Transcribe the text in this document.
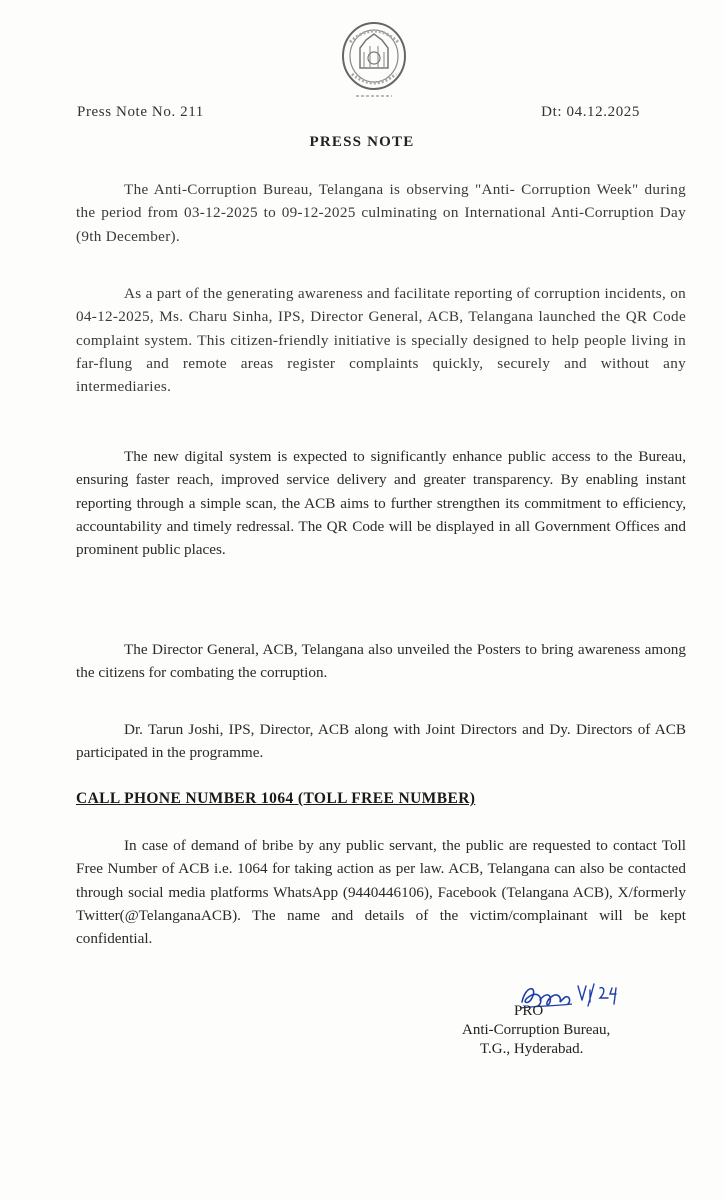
Press Note No. 211	Dt: 04.12.2025
PRESS NOTE

The Anti-Corruption Bureau, Telangana is observing "Anti- Corruption Week" during the period from 03-12-2025 to 09-12-2025 culminating on International Anti-Corruption Day (9th December).

As a part of the generating awareness and facilitate reporting of corruption incidents, on 04-12-2025, Ms. Charu Sinha, IPS, Director General, ACB, Telangana launched the QR Code complaint system. This citizen-friendly initiative is specially designed to help people living in far-flung and remote areas register complaints quickly, securely and without any intermediaries.

The new digital system is expected to significantly enhance public access to the Bureau, ensuring faster reach, improved service delivery and greater transparency. By enabling instant reporting through a simple scan, the ACB aims to further strengthen its commitment to efficiency, accountability and timely redressal. The QR Code will be displayed in all Government Offices and prominent public places.

The Director General, ACB, Telangana also unveiled the Posters to bring awareness among the citizens for combating the corruption.

Dr. Tarun Joshi, IPS, Director, ACB along with Joint Directors and Dy. Directors of ACB participated in the programme.

CALL PHONE NUMBER 1064 (TOLL FREE NUMBER)

In case of demand of bribe by any public servant, the public are requested to contact Toll Free Number of ACB i.e. 1064 for taking action as per law. ACB, Telangana can also be contacted through social media platforms WhatsApp (9440446106), Facebook (Telangana ACB), X/formerly Twitter(@TelanganaACB). The name and details of the victim/complainant will be kept confidential.

PRO
Anti-Corruption Bureau,
T.G., Hyderabad.
